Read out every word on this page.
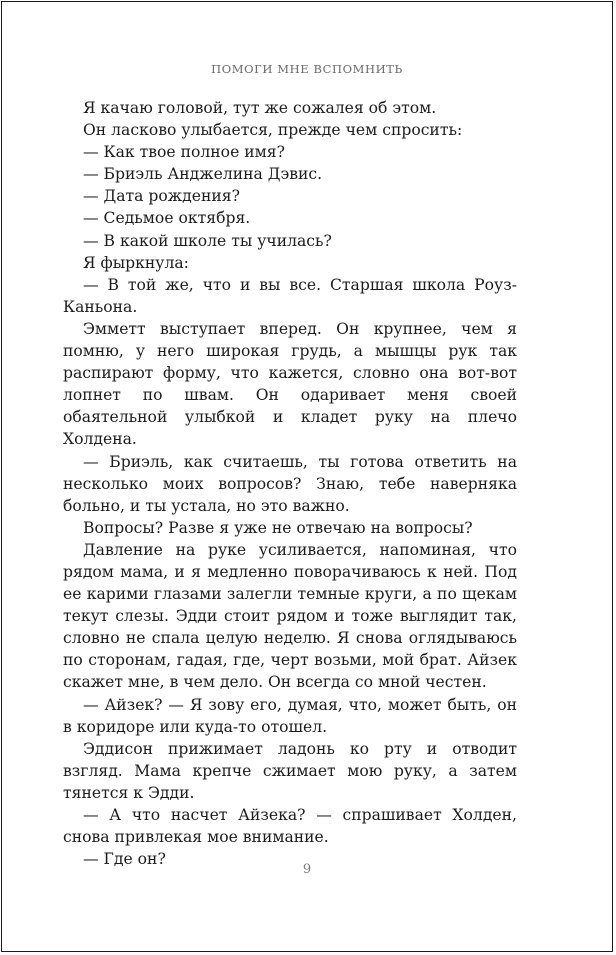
ПОМОГИ МНЕ ВСПОМНИТЬ

Я качаю головой, тут же сожалея об этом.

Он ласково улыбается, прежде чем спросить:

— Как твое полное имя?

— Бриэль Анджелина Дэвис.

— Дата рождения?

— Седьмое октября.

— В какой школе ты училась?

Я фыркнула:

— В той же, что и вы все. Старшая школа Роуз-Каньона.

Эмметт выступает вперед. Он крупнее, чем я помню, у него широкая грудь, а мышцы рук так распирают форму, что кажется, словно она вот-вот лопнет по швам. Он одаривает меня своей обаятельной улыбкой и кладет руку на плечо Холдена.

— Бриэль, как считаешь, ты готова ответить на несколько моих вопросов? Знаю, тебе наверняка больно, и ты устала, но это важно.

Вопросы? Разве я уже не отвечаю на вопросы?

Давление на руке усиливается, напоминая, что рядом мама, и я медленно поворачиваюсь к ней. Под ее карими глазами залегли темные круги, а по щекам текут слезы. Эдди стоит рядом и тоже выглядит так, словно не спала целую неделю. Я снова оглядываюсь по сторонам, гадая, где, черт возьми, мой брат. Айзек скажет мне, в чем дело. Он всегда со мной честен.

— Айзек? — Я зову его, думая, что, может быть, он в коридоре или куда-то отошел.

Эддисон прижимает ладонь ко рту и отводит взгляд. Мама крепче сжимает мою руку, а затем тянется к Эдди.

— А что насчет Айзека? — спрашивает Холден, снова привлекая мое внимание.

— Где он?

9
